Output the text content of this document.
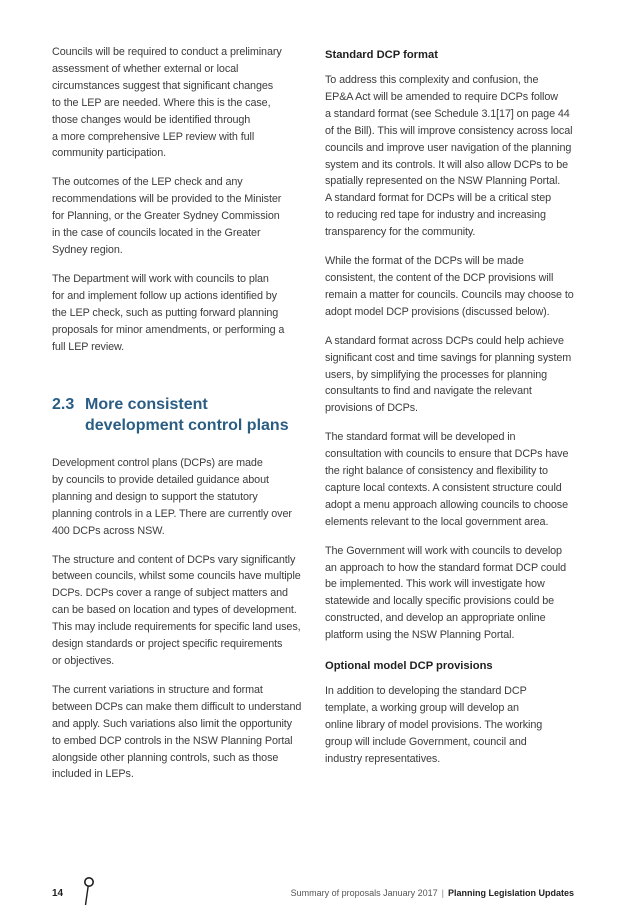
Councils will be required to conduct a preliminary
assessment of whether external or local
circumstances suggest that significant changes
to the LEP are needed. Where this is the case,
those changes would be identified through
a more comprehensive LEP review with full
community participation.
The outcomes of the LEP check and any
recommendations will be provided to the Minister
for Planning, or the Greater Sydney Commission
in the case of councils located in the Greater
Sydney region.
The Department will work with councils to plan
for and implement follow up actions identified by
the LEP check, such as putting forward planning
proposals for minor amendments, or performing a
full LEP review.
2.3 More consistent
development control plans
Development control plans (DCPs) are made
by councils to provide detailed guidance about
planning and design to support the statutory
planning controls in a LEP. There are currently over
400 DCPs across NSW.
The structure and content of DCPs vary significantly
between councils, whilst some councils have multiple
DCPs. DCPs cover a range of subject matters and
can be based on location and types of development.
This may include requirements for specific land uses,
design standards or project specific requirements
or objectives.
The current variations in structure and format
between DCPs can make them difficult to understand
and apply. Such variations also limit the opportunity
to embed DCP controls in the NSW Planning Portal
alongside other planning controls, such as those
included in LEPs.
Standard DCP format
To address this complexity and confusion, the
EP&A Act will be amended to require DCPs follow
a standard format (see Schedule 3.1[17] on page 44
of the Bill). This will improve consistency across local
councils and improve user navigation of the planning
system and its controls. It will also allow DCPs to be
spatially represented on the NSW Planning Portal.
A standard format for DCPs will be a critical step
to reducing red tape for industry and increasing
transparency for the community.
While the format of the DCPs will be made
consistent, the content of the DCP provisions will
remain a matter for councils. Councils may choose to
adopt model DCP provisions (discussed below).
A standard format across DCPs could help achieve
significant cost and time savings for planning system
users, by simplifying the processes for planning
consultants to find and navigate the relevant
provisions of DCPs.
The standard format will be developed in
consultation with councils to ensure that DCPs have
the right balance of consistency and flexibility to
capture local contexts. A consistent structure could
adopt a menu approach allowing councils to choose
elements relevant to the local government area.
The Government will work with councils to develop
an approach to how the standard format DCP could
be implemented. This work will investigate how
statewide and locally specific provisions could be
constructed, and develop an appropriate online
platform using the NSW Planning Portal.
Optional model DCP provisions
In addition to developing the standard DCP
template, a working group will develop an
online library of model provisions. The working
group will include Government, council and
industry representatives.
14	Summary of proposals January 2017 | Planning Legislation Updates
